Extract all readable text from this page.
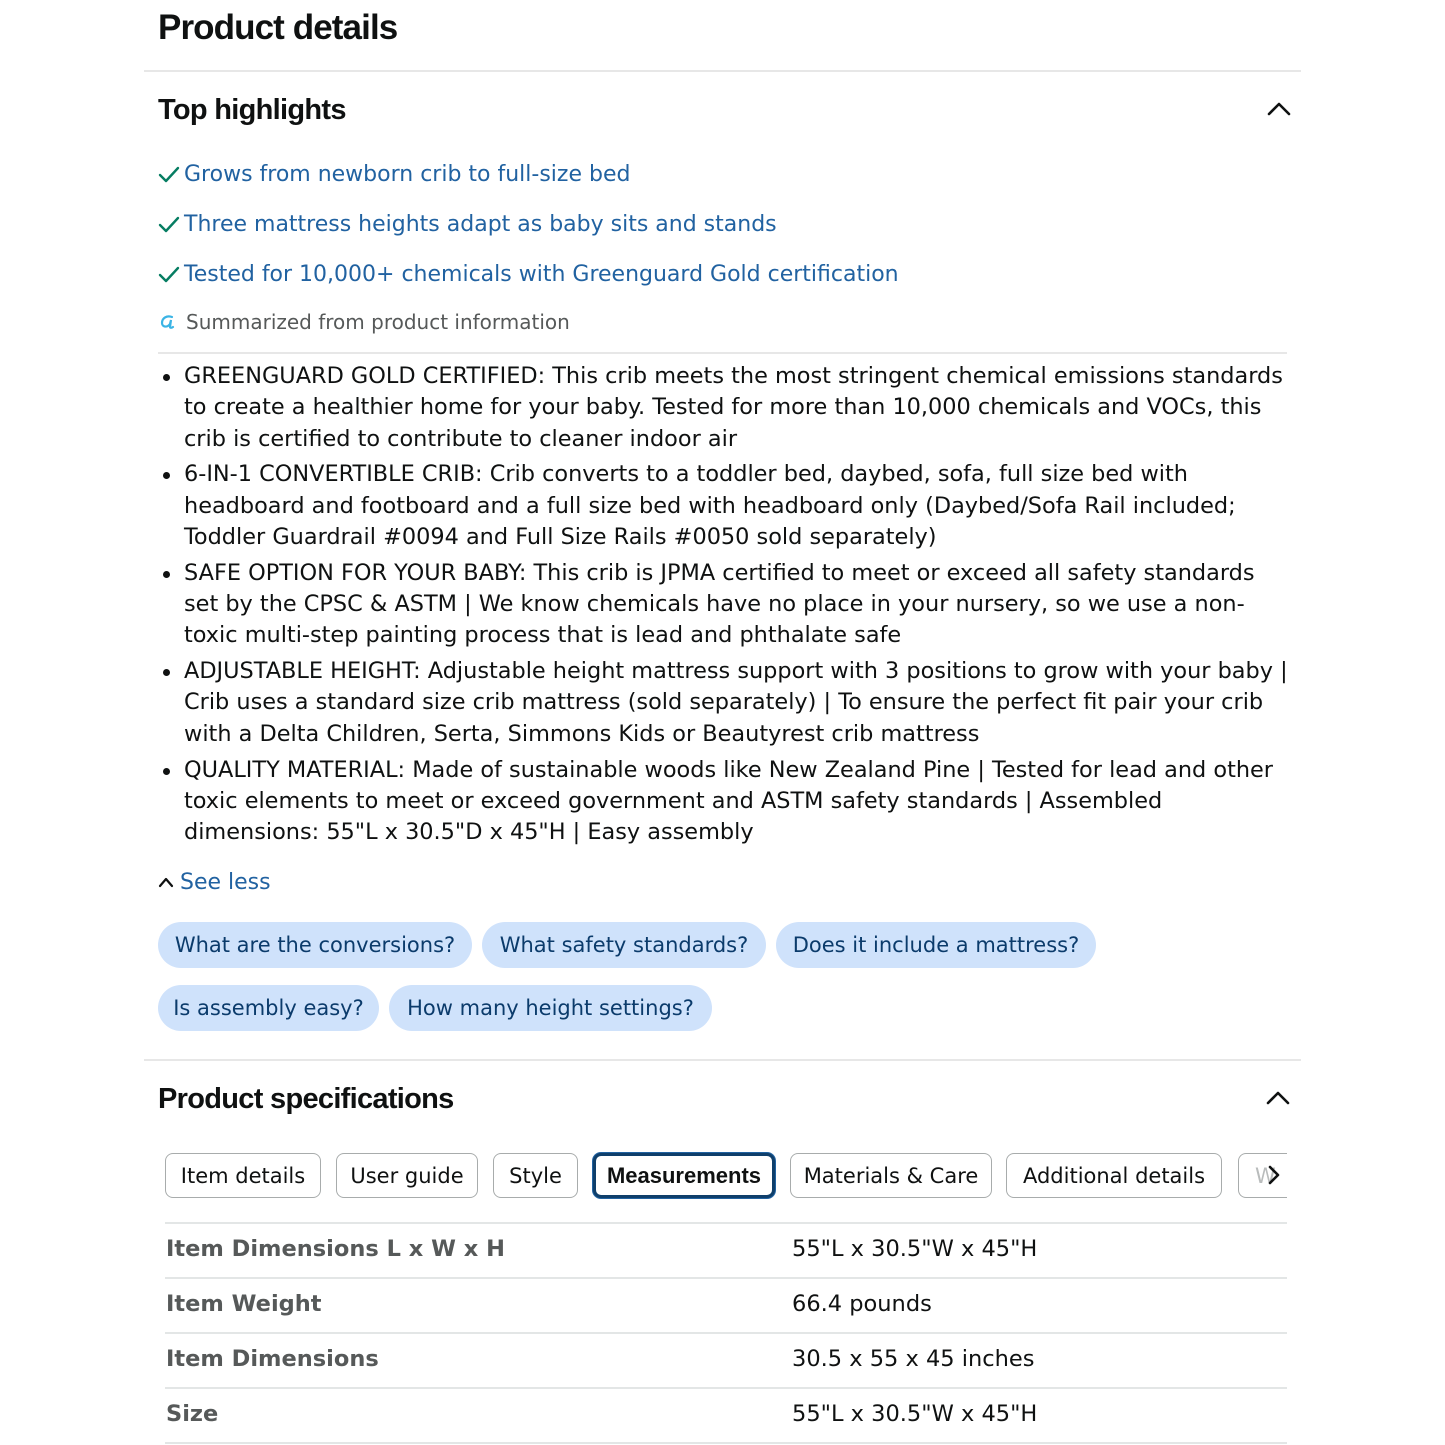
Product details
Top highlights
Grows from newborn crib to full-size bed
Three mattress heights adapt as baby sits and stands
Tested for 10,000+ chemicals with Greenguard Gold certification
Summarized from product information
GREENGUARD GOLD CERTIFIED: This crib meets the most stringent chemical emissions standards to create a healthier home for your baby. Tested for more than 10,000 chemicals and VOCs, this crib is certified to contribute to cleaner indoor air
6-IN-1 CONVERTIBLE CRIB: Crib converts to a toddler bed, daybed, sofa, full size bed with headboard and footboard and a full size bed with headboard only (Daybed/Sofa Rail included; Toddler Guardrail #0094 and Full Size Rails #0050 sold separately)
SAFE OPTION FOR YOUR BABY: This crib is JPMA certified to meet or exceed all safety standards set by the CPSC & ASTM | We know chemicals have no place in your nursery, so we use a non-toxic multi-step painting process that is lead and phthalate safe
ADJUSTABLE HEIGHT: Adjustable height mattress support with 3 positions to grow with your baby | Crib uses a standard size crib mattress (sold separately) | To ensure the perfect fit pair your crib with a Delta Children, Serta, Simmons Kids or Beautyrest crib mattress
QUALITY MATERIAL: Made of sustainable woods like New Zealand Pine | Tested for lead and other toxic elements to meet or exceed government and ASTM safety standards | Assembled dimensions: 55"L x 30.5"D x 45"H | Easy assembly
See less
What are the conversions?	What safety standards?	Does it include a mattress?
Is assembly easy?	How many height settings?
Product specifications
Item details	User guide	Style	Measurements	Materials & Care	Additional details	W
Item Dimensions L x W x H	55"L x 30.5"W x 45"H
Item Weight	66.4 pounds
Item Dimensions	30.5 x 55 x 45 inches
Size	55"L x 30.5"W x 45"H
